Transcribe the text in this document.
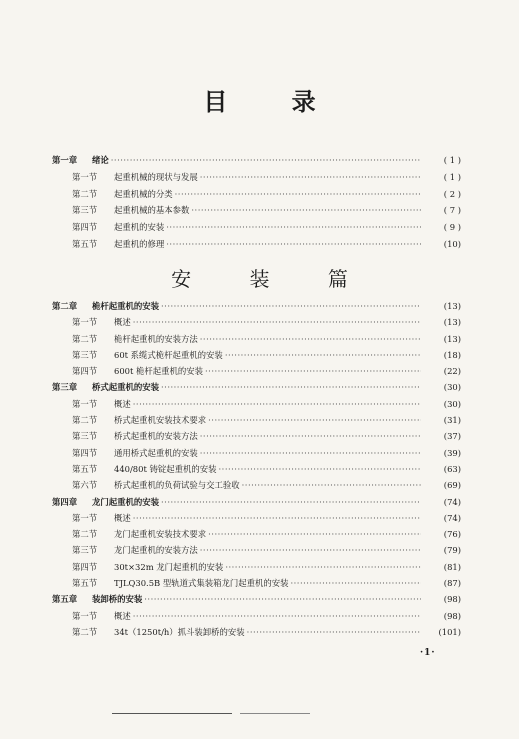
目 录
第一章	绪论 ·····	( 1 )
第一节	起重机械的现状与发展 ·····	( 1 )
第二节	起重机械的分类 ·····	( 2 )
第三节	起重机械的基本参数 ·····	( 7 )
第四节	起重机的安装 ·····	( 9 )
第五节	起重机的修理 ·····	(10)
安 装 篇
第二章	桅杆起重机的安装 ·····	(13)
第一节	概述 ·····	(13)
第二节	桅杆起重机的安装方法 ·····	(13)
第三节	60t 系缆式桅杆起重机的安装 ·····	(18)
第四节	600t 桅杆起重机的安装 ·····	(22)
第三章	桥式起重机的安装 ·····	(30)
第一节	概述 ·····	(30)
第二节	桥式起重机安装技术要求 ·····	(31)
第三节	桥式起重机的安装方法 ·····	(37)
第四节	通用桥式起重机的安装 ·····	(39)
第五节	440/80t 铸锭起重机的安装 ·····	(63)
第六节	桥式起重机的负荷试验与交工验收 ·····	(69)
第四章	龙门起重机的安装 ·····	(74)
第一节	概述 ·····	(74)
第二节	龙门起重机安装技术要求 ·····	(76)
第三节	龙门起重机的安装方法 ·····	(79)
第四节	30t×32m 龙门起重机的安装 ·····	(81)
第五节	TJLQ30.5B 型轨道式集装箱龙门起重机的安装 ·····	(87)
第五章	装卸桥的安装 ·····	(98)
第一节	概述 ·····	(98)
第二节	34t（1250t/h）抓斗装卸桥的安装 ·····	(101)
·1·
